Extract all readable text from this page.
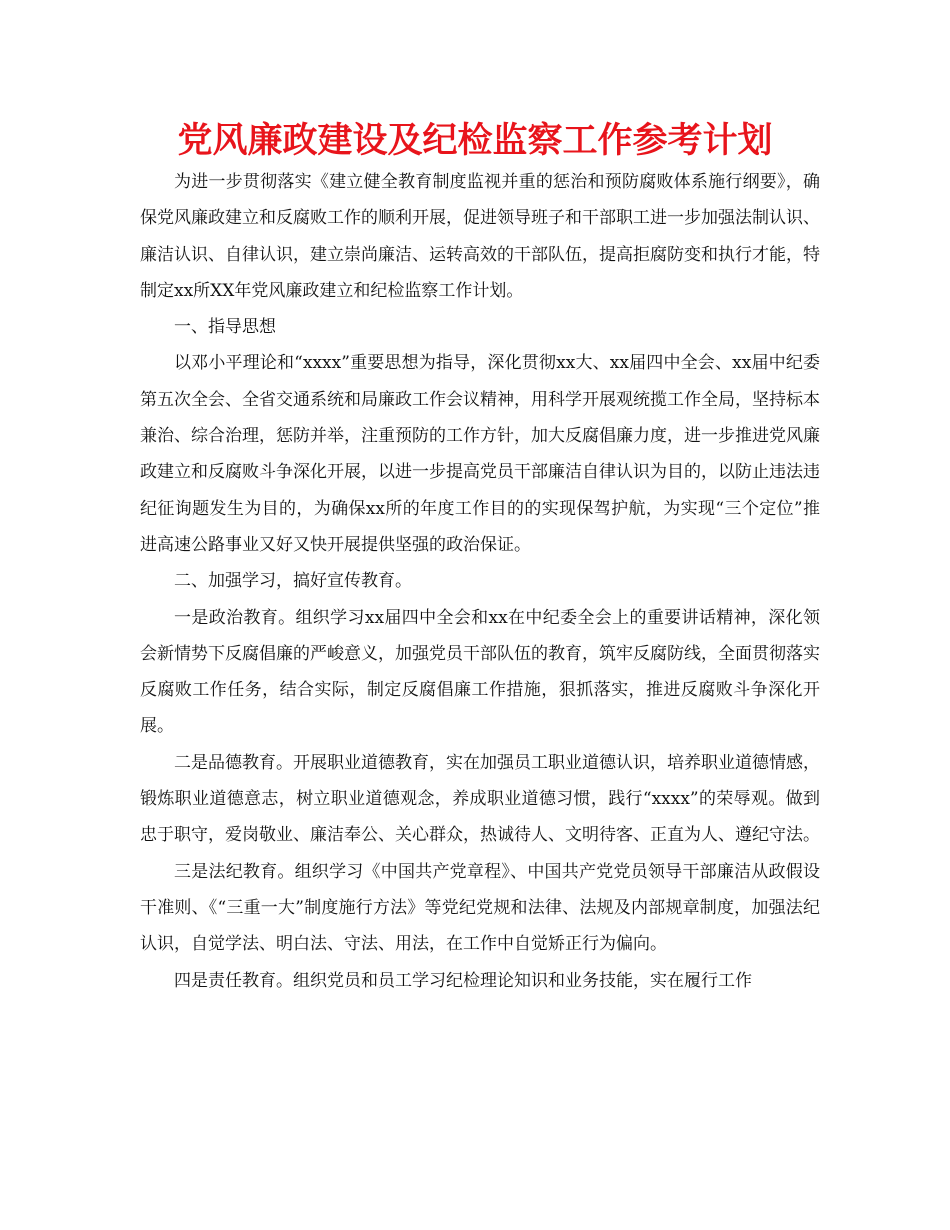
党风廉政建设及纪检监察工作参考计划

为进一步贯彻落实《建立健全教育制度监视并重的惩治和预防腐败体系施行纲要》，确保党风廉政建立和反腐败工作的顺利开展，促进领导班子和干部职工进一步加强法制认识、廉洁认识、自律认识，建立崇尚廉洁、运转高效的干部队伍，提高拒腐防变和执行才能，特制定xx所XX年党风廉政建立和纪检监察工作计划。

一、指导思想

以邓小平理论和“xxxx”重要思想为指导，深化贯彻xx大、xx届四中全会、xx届中纪委第五次全会、全省交通系统和局廉政工作会议精神，用科学开展观统揽工作全局，坚持标本兼治、综合治理，惩防并举，注重预防的工作方针，加大反腐倡廉力度，进一步推进党风廉政建立和反腐败斗争深化开展，以进一步提高党员干部廉洁自律认识为目的，以防止违法违纪征询题发生为目的，为确保xx所的年度工作目的的实现保驾护航，为实现“三个定位”推进高速公路事业又好又快开展提供坚强的政治保证。

二、加强学习，搞好宣传教育。

一是政治教育。组织学习xx届四中全会和xx在中纪委全会上的重要讲话精神，深化领会新情势下反腐倡廉的严峻意义，加强党员干部队伍的教育，筑牢反腐防线，全面贯彻落实反腐败工作任务，结合实际，制定反腐倡廉工作措施，狠抓落实，推进反腐败斗争深化开展。

二是品德教育。开展职业道德教育，实在加强员工职业道德认识，培养职业道德情感，锻炼职业道德意志，树立职业道德观念，养成职业道德习惯，践行“xxxx”的荣辱观。做到忠于职守，爱岗敬业、廉洁奉公、关心群众，热诚待人、文明待客、正直为人、遵纪守法。

三是法纪教育。组织学习《中国共产党章程》、中国共产党党员领导干部廉洁从政假设干准则、《“三重一大”制度施行方法》等党纪党规和法律、法规及内部规章制度，加强法纪认识，自觉学法、明白法、守法、用法，在工作中自觉矫正行为偏向。

四是责任教育。组织党员和员工学习纪检理论知识和业务技能，实在履行工作
